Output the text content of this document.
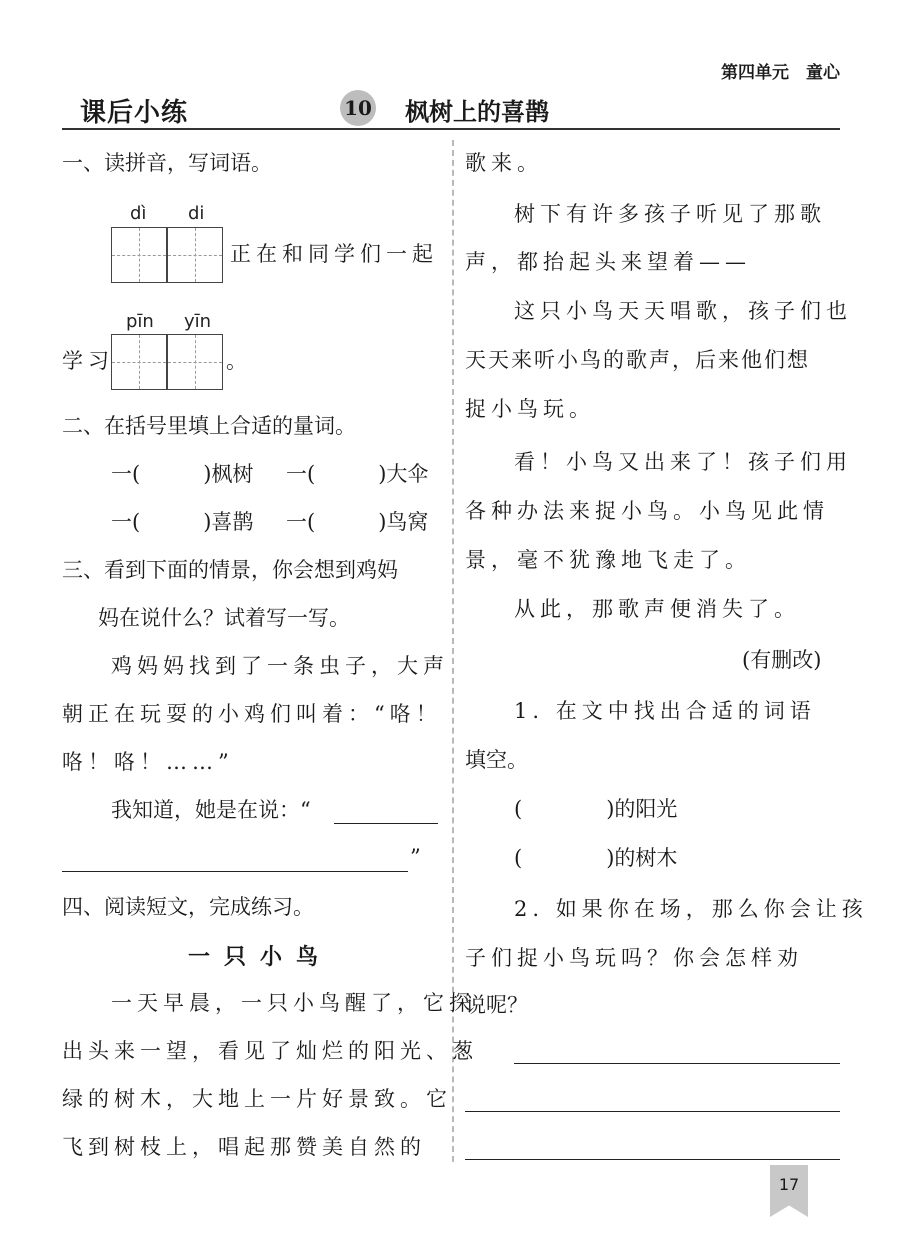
第四单元　童心
课后小练	10 枫树上的喜鹊
一、读拼音，写词语。
dì di
正在和同学们一起
pīn yīn
学习	。
二、在括号里填上合适的量词。
一(　　　)枫树 一(　　　)大伞
一(　　　)喜鹊 一(　　　)鸟窝
三、看到下面的情景，你会想到鸡妈
妈在说什么？试着写一写。
鸡妈妈找到了一条虫子，大声
朝正在玩耍的小鸡们叫着：“咯！
咯！咯！……”
我知道，她是在说：“
”
四、阅读短文，完成练习。
一只小鸟
一天早晨，一只小鸟醒了，它探
出头来一望，看见了灿烂的阳光、葱
绿的树木，大地上一片好景致。它
飞到树枝上，唱起那赞美自然的
歌来。
树下有许多孩子听见了那歌
声，都抬起头来望着——
这只小鸟天天唱歌，孩子们也
天天来听小鸟的歌声，后来他们想
捉小鸟玩。
看！小鸟又出来了！孩子们用
各种办法来捉小鸟。小鸟见此情
景，毫不犹豫地飞走了。
从此，那歌声便消失了。
(有删改)
1. 在文中找出合适的词语
填空。
(　　　　)的阳光
(　　　　)的树木
2. 如果你在场，那么你会让孩
子们捉小鸟玩吗？你会怎样劝
说呢？
17
